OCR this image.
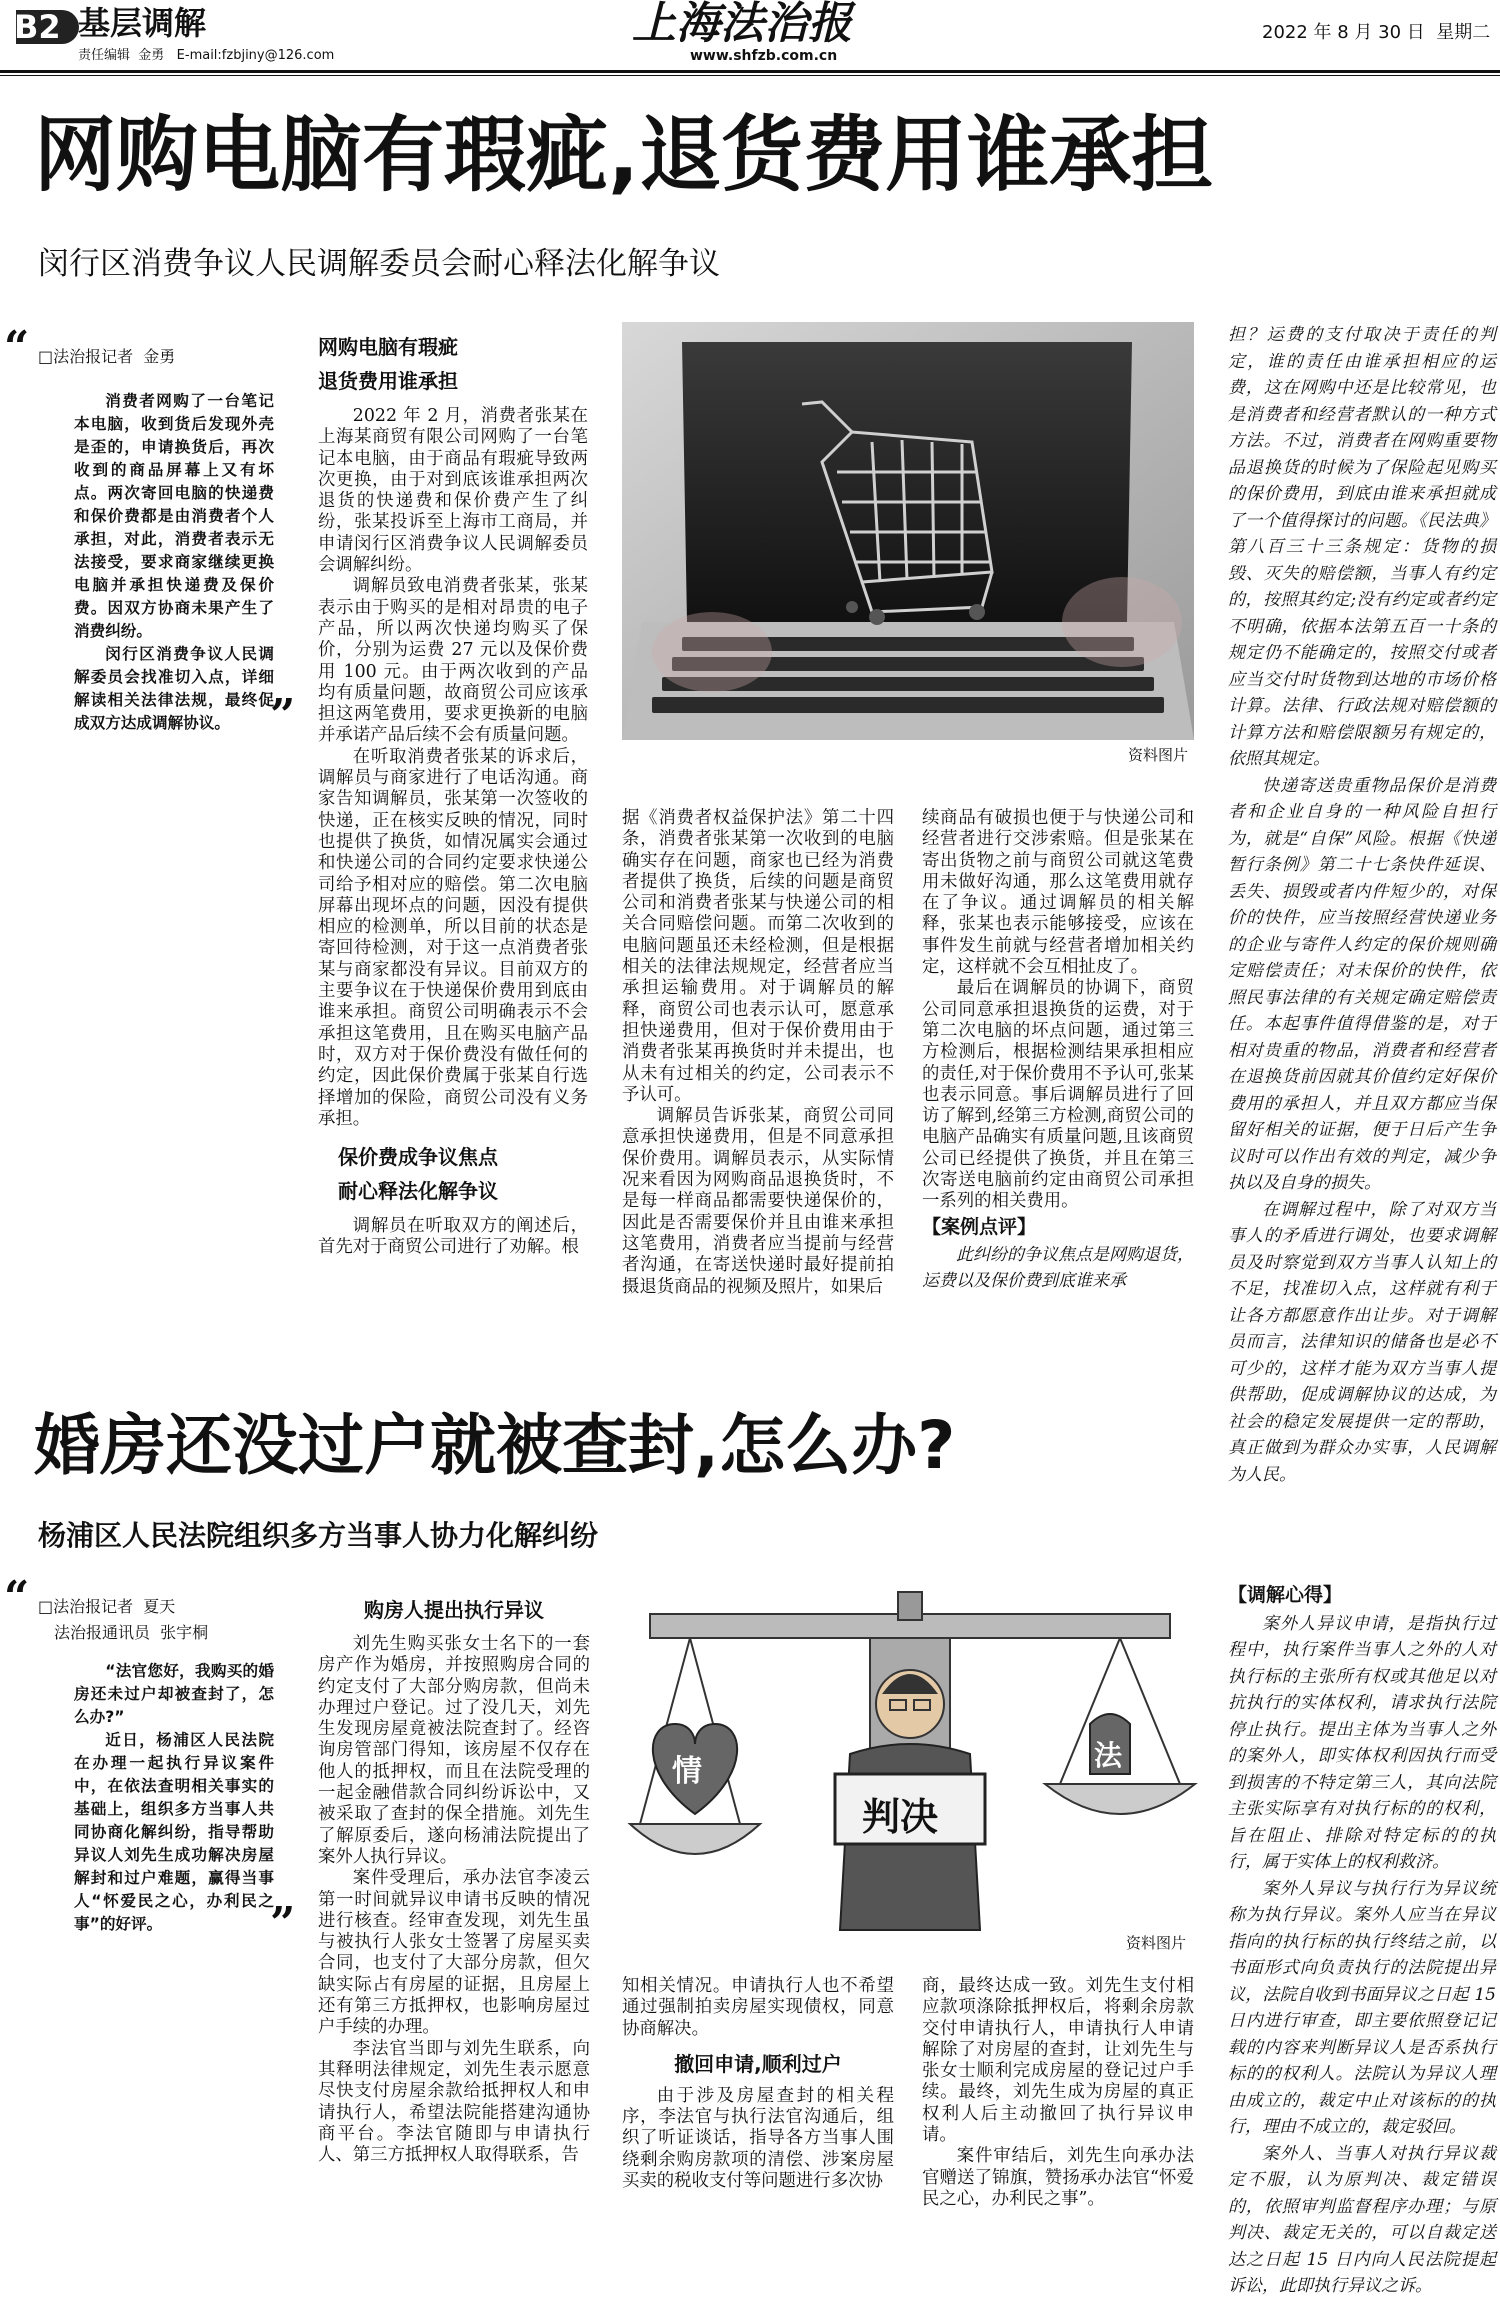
B2 基层调解
责任编辑  金勇   E-mail:fzbjiny@126.com
上海法治报
www.shfzb.com.cn
2022 年 8 月 30 日  星期二
网购电脑有瑕疵,退货费用谁承担
闵行区消费争议人民调解委员会耐心释法化解争议
“ □法治报记者  金勇

消费者网购了一台笔记本电脑，收到货后发现外壳是歪的，申请换货后，再次收到的商品屏幕上又有坏点。两次寄回电脑的快递费和保价费都是由消费者个人承担，对此，消费者表示无法接受，要求商家继续更换电脑并承担快递费及保价费。因双方协商未果产生了消费纠纷。

闵行区消费争议人民调解委员会找准切入点，详细解读相关法律法规，最终促成双方达成调解协议。 ”

网购电脑有瑕疵

退货费用谁承担

2022 年 2 月，消费者张某在上海某商贸有限公司网购了一台笔记本电脑，由于商品有瑕疵导致两次更换，由于对到底该谁承担两次退货的快递费和保价费产生了纠纷，张某投诉至上海市工商局，并申请闵行区消费争议人民调解委员会调解纠纷。

调解员致电消费者张某，张某表示由于购买的是相对昂贵的电子产品，所以两次快递均购买了保价，分别为运费 27 元以及保价费用 100 元。由于两次收到的产品均有质量问题，故商贸公司应该承担这两笔费用，要求更换新的电脑并承诺产品后续不会有质量问题。

在听取消费者张某的诉求后，调解员与商家进行了电话沟通。商家告知调解员，张某第一次签收的快递，正在核实反映的情况，同时也提供了换货，如情况属实会通过和快递公司的合同约定要求快递公司给予相对应的赔偿。第二次电脑屏幕出现坏点的问题，因没有提供相应的检测单，所以目前的状态是寄回待检测，对于这一点消费者张某与商家都没有异议。目前双方的主要争议在于快递保价费用到底由谁来承担。商贸公司明确表示不会承担这笔费用，且在购买电脑产品时，双方对于保价费没有做任何的约定，因此保价费属于张某自行选择增加的保险，商贸公司没有义务承担。

保价费成争议焦点

耐心释法化解争议

调解员在听取双方的阐述后，首先对于商贸公司进行了劝解。根

资料图片

据《消费者权益保护法》第二十四条，消费者张某第一次收到的电脑确实存在问题，商家也已经为消费者提供了换货，后续的问题是商贸公司和消费者张某与快递公司的相关合同赔偿问题。而第二次收到的电脑问题虽还未经检测，但是根据相关的法律法规规定，经营者应当承担运输费用。对于调解员的解释，商贸公司也表示认可，愿意承担快递费用，但对于保价费用由于消费者张某再换货时并未提出，也从未有过相关的约定，公司表示不予认可。

调解员告诉张某，商贸公司同意承担快递费用，但是不同意承担保价费用。调解员表示，从实际情况来看因为网购商品退换货时，不是每一样商品都需要快递保价的，因此是否需要保价并且由谁来承担这笔费用，消费者应当提前与经营者沟通，在寄送快递时最好提前拍摄退货商品的视频及照片，如果后

续商品有破损也便于与快递公司和经营者进行交涉索赔。但是张某在寄出货物之前与商贸公司就这笔费用未做好沟通，那么这笔费用就存在了争议。通过调解员的相关解释，张某也表示能够接受，应该在事件发生前就与经营者增加相关约定，这样就不会互相扯皮了。

最后在调解员的协调下，商贸公司同意承担退换货的运费，对于第二次电脑的坏点问题，通过第三方检测后，根据检测结果承担相应的责任,对于保价费用不予认可,张某也表示同意。事后调解员进行了回访了解到,经第三方检测,商贸公司的电脑产品确实有质量问题,且该商贸公司已经提供了换货，并且在第三次寄送电脑前约定由商贸公司承担一系列的相关费用。

【案例点评】

此纠纷的争议焦点是网购退货，运费以及保价费到底谁来承

担？运费的支付取决于责任的判定，谁的责任由谁承担相应的运费，这在网购中还是比较常见，也是消费者和经营者默认的一种方式方法。不过，消费者在网购重要物品退换货的时候为了保险起见购买的保价费用，到底由谁来承担就成了一个值得探讨的问题。《民法典》第八百三十三条规定：货物的损毁、灭失的赔偿额，当事人有约定的，按照其约定;没有约定或者约定不明确，依据本法第五百一十条的规定仍不能确定的，按照交付或者应当交付时货物到达地的市场价格计算。法律、行政法规对赔偿额的计算方法和赔偿限额另有规定的，依照其规定。

快递寄送贵重物品保价是消费者和企业自身的一种风险自担行为，就是“自保”风险。根据《快递暂行条例》第二十七条快件延误、丢失、损毁或者内件短少的，对保价的快件，应当按照经营快递业务的企业与寄件人约定的保价规则确定赔偿责任；对未保价的快件，依照民事法律的有关规定确定赔偿责任。本起事件值得借鉴的是，对于相对贵重的物品，消费者和经营者在退换货前因就其价值约定好保价费用的承担人，并且双方都应当保留好相关的证据，便于日后产生争议时可以作出有效的判定，减少争执以及自身的损失。

在调解过程中，除了对双方当事人的矛盾进行调处，也要求调解员及时察觉到双方当事人认知上的不足，找准切入点，这样就有利于让各方都愿意作出让步。对于调解员而言，法律知识的储备也是必不可少的，这样才能为双方当事人提供帮助，促成调解协议的达成，为社会的稳定发展提供一定的帮助，真正做到为群众办实事，人民调解为人民。

婚房还没过户就被查封,怎么办?
杨浦区人民法院组织多方当事人协力化解纠纷
“ □法治报记者  夏天
法治报通讯员  张宇桐

“法官您好，我购买的婚房还未过户却被查封了，怎么办?”

近日，杨浦区人民法院在办理一起执行异议案件中，在依法查明相关事实的基础上，组织多方当事人共同协商化解纠纷，指导帮助异议人刘先生成功解决房屋解封和过户难题，赢得当事人“怀爱民之心，办利民之事”的好评。	”

购房人提出执行异议

刘先生购买张女士名下的一套房产作为婚房，并按照购房合同的约定支付了大部分购房款，但尚未办理过户登记。过了没几天，刘先生发现房屋竟被法院查封了。经咨询房管部门得知，该房屋不仅存在他人的抵押权，而且在法院受理的一起金融借款合同纠纷诉讼中，又被采取了查封的保全措施。刘先生了解原委后，遂向杨浦法院提出了案外人执行异议。

案件受理后，承办法官李凌云第一时间就异议申请书反映的情况进行核查。经审查发现，刘先生虽与被执行人张女士签署了房屋买卖合同，也支付了大部分房款，但欠缺实际占有房屋的证据，且房屋上还有第三方抵押权，也影响房屋过户手续的办理。

李法官当即与刘先生联系，向其释明法律规定，刘先生表示愿意尽快支付房屋余款给抵押权人和申请执行人，希望法院能搭建沟通协商平台。李法官随即与申请执行人、第三方抵押权人取得联系，告

情
判决
法
资料图片

知相关情况。申请执行人也不希望通过强制拍卖房屋实现债权，同意协商解决。

撤回申请,顺利过户

由于涉及房屋查封的相关程序，李法官与执行法官沟通后，组织了听证谈话，指导各方当事人围绕剩余购房款项的清偿、涉案房屋买卖的税收支付等问题进行多次协

商，最终达成一致。刘先生支付相应款项涤除抵押权后，将剩余房款交付申请执行人，申请执行人申请解除了对房屋的查封，让刘先生与张女士顺利完成房屋的登记过户手续。最终，刘先生成为房屋的真正权利人后主动撤回了执行异议申请。

案件审结后，刘先生向承办法官赠送了锦旗，赞扬承办法官“怀爱民之心，办利民之事”。

【调解心得】

案外人异议申请，是指执行过程中，执行案件当事人之外的人对执行标的主张所有权或其他足以对抗执行的实体权利，请求执行法院停止执行。提出主体为当事人之外的案外人，即实体权利因执行而受到损害的不特定第三人，其向法院主张实际享有对执行标的的权利，旨在阻止、排除对特定标的的执行，属于实体上的权利救济。

案外人异议与执行行为异议统称为执行异议。案外人应当在异议指向的执行标的执行终结之前，以书面形式向负责执行的法院提出异议，法院自收到书面异议之日起 15 日内进行审查，即主要依照登记记载的内容来判断异议人是否系执行标的的权利人。法院认为异议人理由成立的，裁定中止对该标的的执行，理由不成立的，裁定驳回。

案外人、当事人对执行异议裁定不服，认为原判决、裁定错误的，依照审判监督程序办理；与原判决、裁定无关的，可以自裁定送达之日起 15 日内向人民法院提起诉讼，此即执行异议之诉。
